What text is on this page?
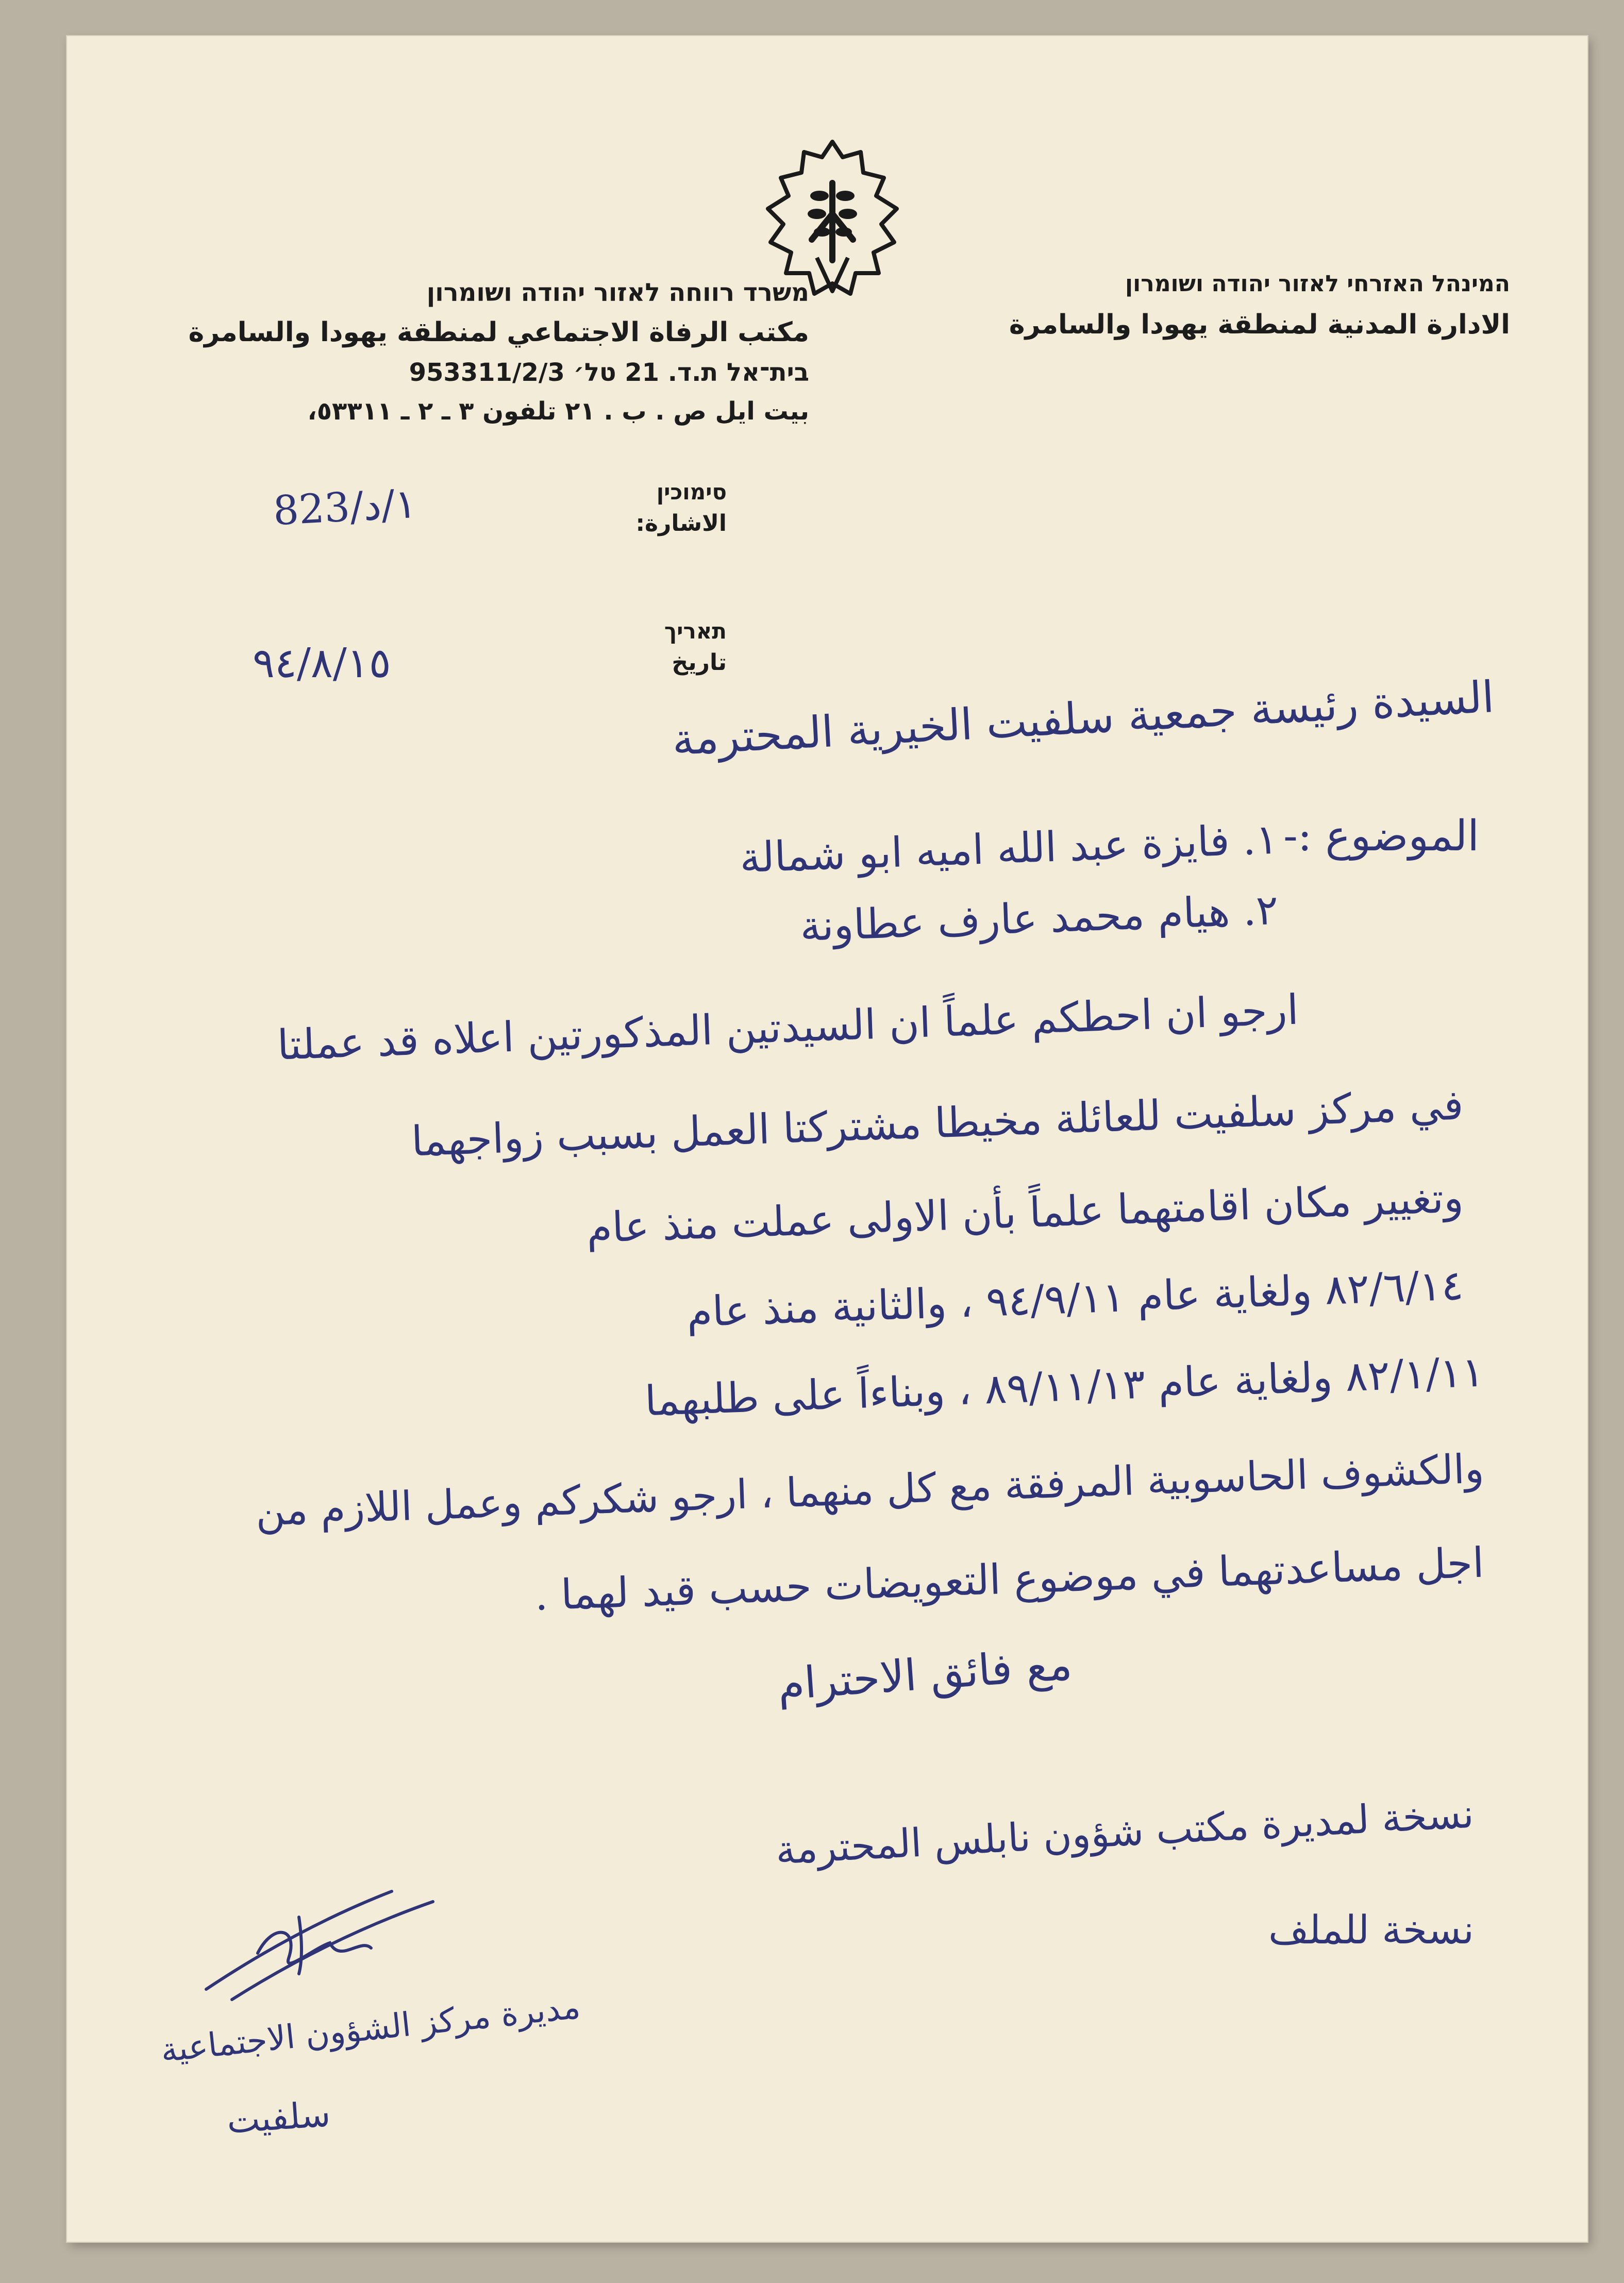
המינהל האזרחי לאזור יהודה ושומרון
الادارة المدنية لمنطقة يهودا والسامرة
משרד רווחה לאזור יהודה ושומרון
مكتب الرفاة الاجتماعي لمنطقة يهودا والسامرة
בית־אל ת.ד. 21 טל׳ 953311/2/3
بيت ايل ص . ب . ٢١ تلفون ٣ ـ ٢ ـ ٥٣٣١١،
סימוכין
الاشارة:
823/١/د
תאריך
تاريخ
٩٤/٨/١٥
السيدة رئيسة جمعية سلفيت الخيرية المحترمة
الموضوع :-
١. فايزة عبد الله اميه ابو شمالة
٢. هيام محمد عارف عطاونة
ارجو ان احطكم علماً ان السيدتين المذكورتين اعلاه قد عملتا
في مركز سلفيت للعائلة مخيطا مشتركتا العمل بسبب زواجهما
وتغيير مكان اقامتهما علماً بأن الاولى عملت منذ عام
٨٢/٦/١٤ ولغاية عام ٩٤/٩/١١ ، والثانية منذ عام
٨٢/١/١١ ولغاية عام ٨٩/١١/١٣ ، وبناءاً على طلبهما
والكشوف الحاسوبية المرفقة مع كل منهما ، ارجو شكركم وعمل اللازم من
اجل مساعدتهما في موضوع التعويضات حسب قيد لهما .
مع فائق الاحترام
نسخة لمديرة مكتب شؤون نابلس المحترمة
نسخة للملف
مديرة مركز الشؤون الاجتماعية
سلفيت
